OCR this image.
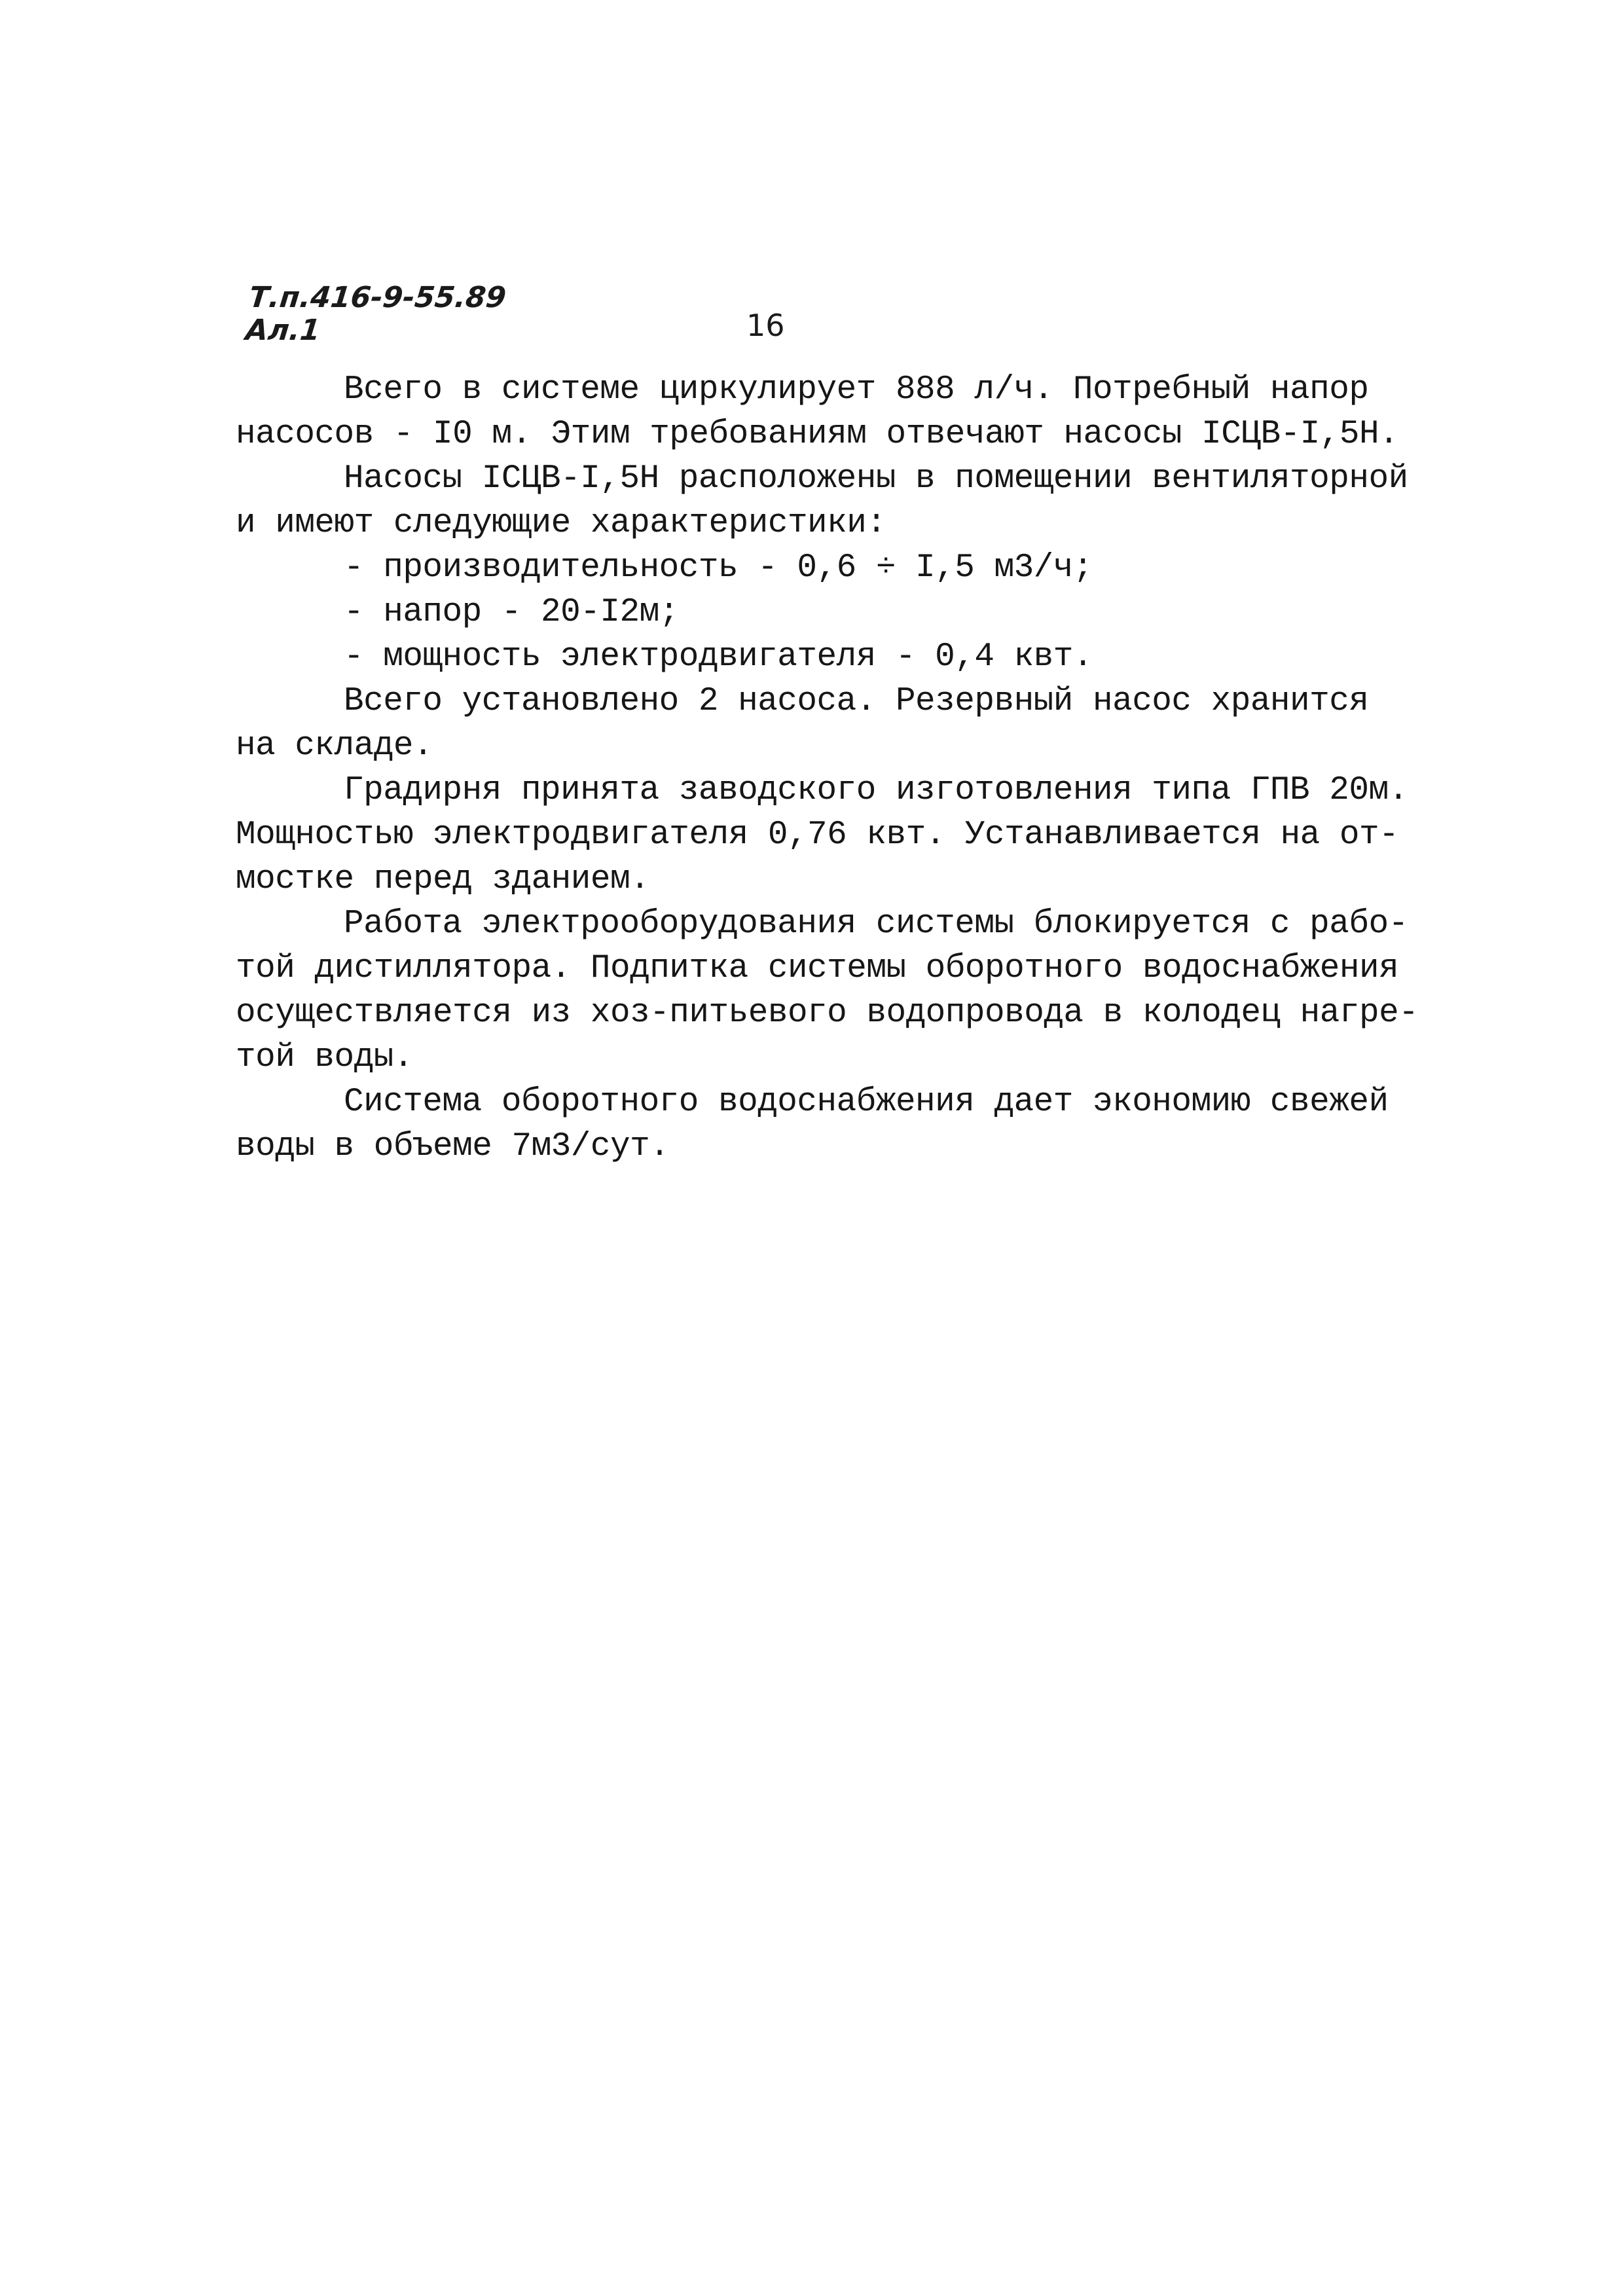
Т.п.416-9-55.89
Ал.1	16
Всего в системе циркулирует 888 л/ч. Потребный напор
насосов - I0 м. Этим требованиям отвечают насосы IСЦВ-I,5Н.
Насосы IСЦВ-I,5Н расположены в помещении вентиляторной
и имеют следующие характеристики:
- производительность - 0,6 ÷ I,5 м3/ч;
- напор - 20-I2м;
- мощность электродвигателя - 0,4 квт.
Всего установлено 2 насоса. Резервный насос хранится
на складе.
Градирня принята заводского изготовления типа ГПВ 20м.
Мощностью электродвигателя 0,76 квт. Устанавливается на от-
мостке перед зданием.
Работа электрооборудования системы блокируется с рабо-
той дистиллятора. Подпитка системы оборотного водоснабжения
осуществляется из хоз-питьевого водопровода в колодец нагре-
той воды.
Система оборотного водоснабжения дает экономию свежей
воды в объеме 7м3/сут.
